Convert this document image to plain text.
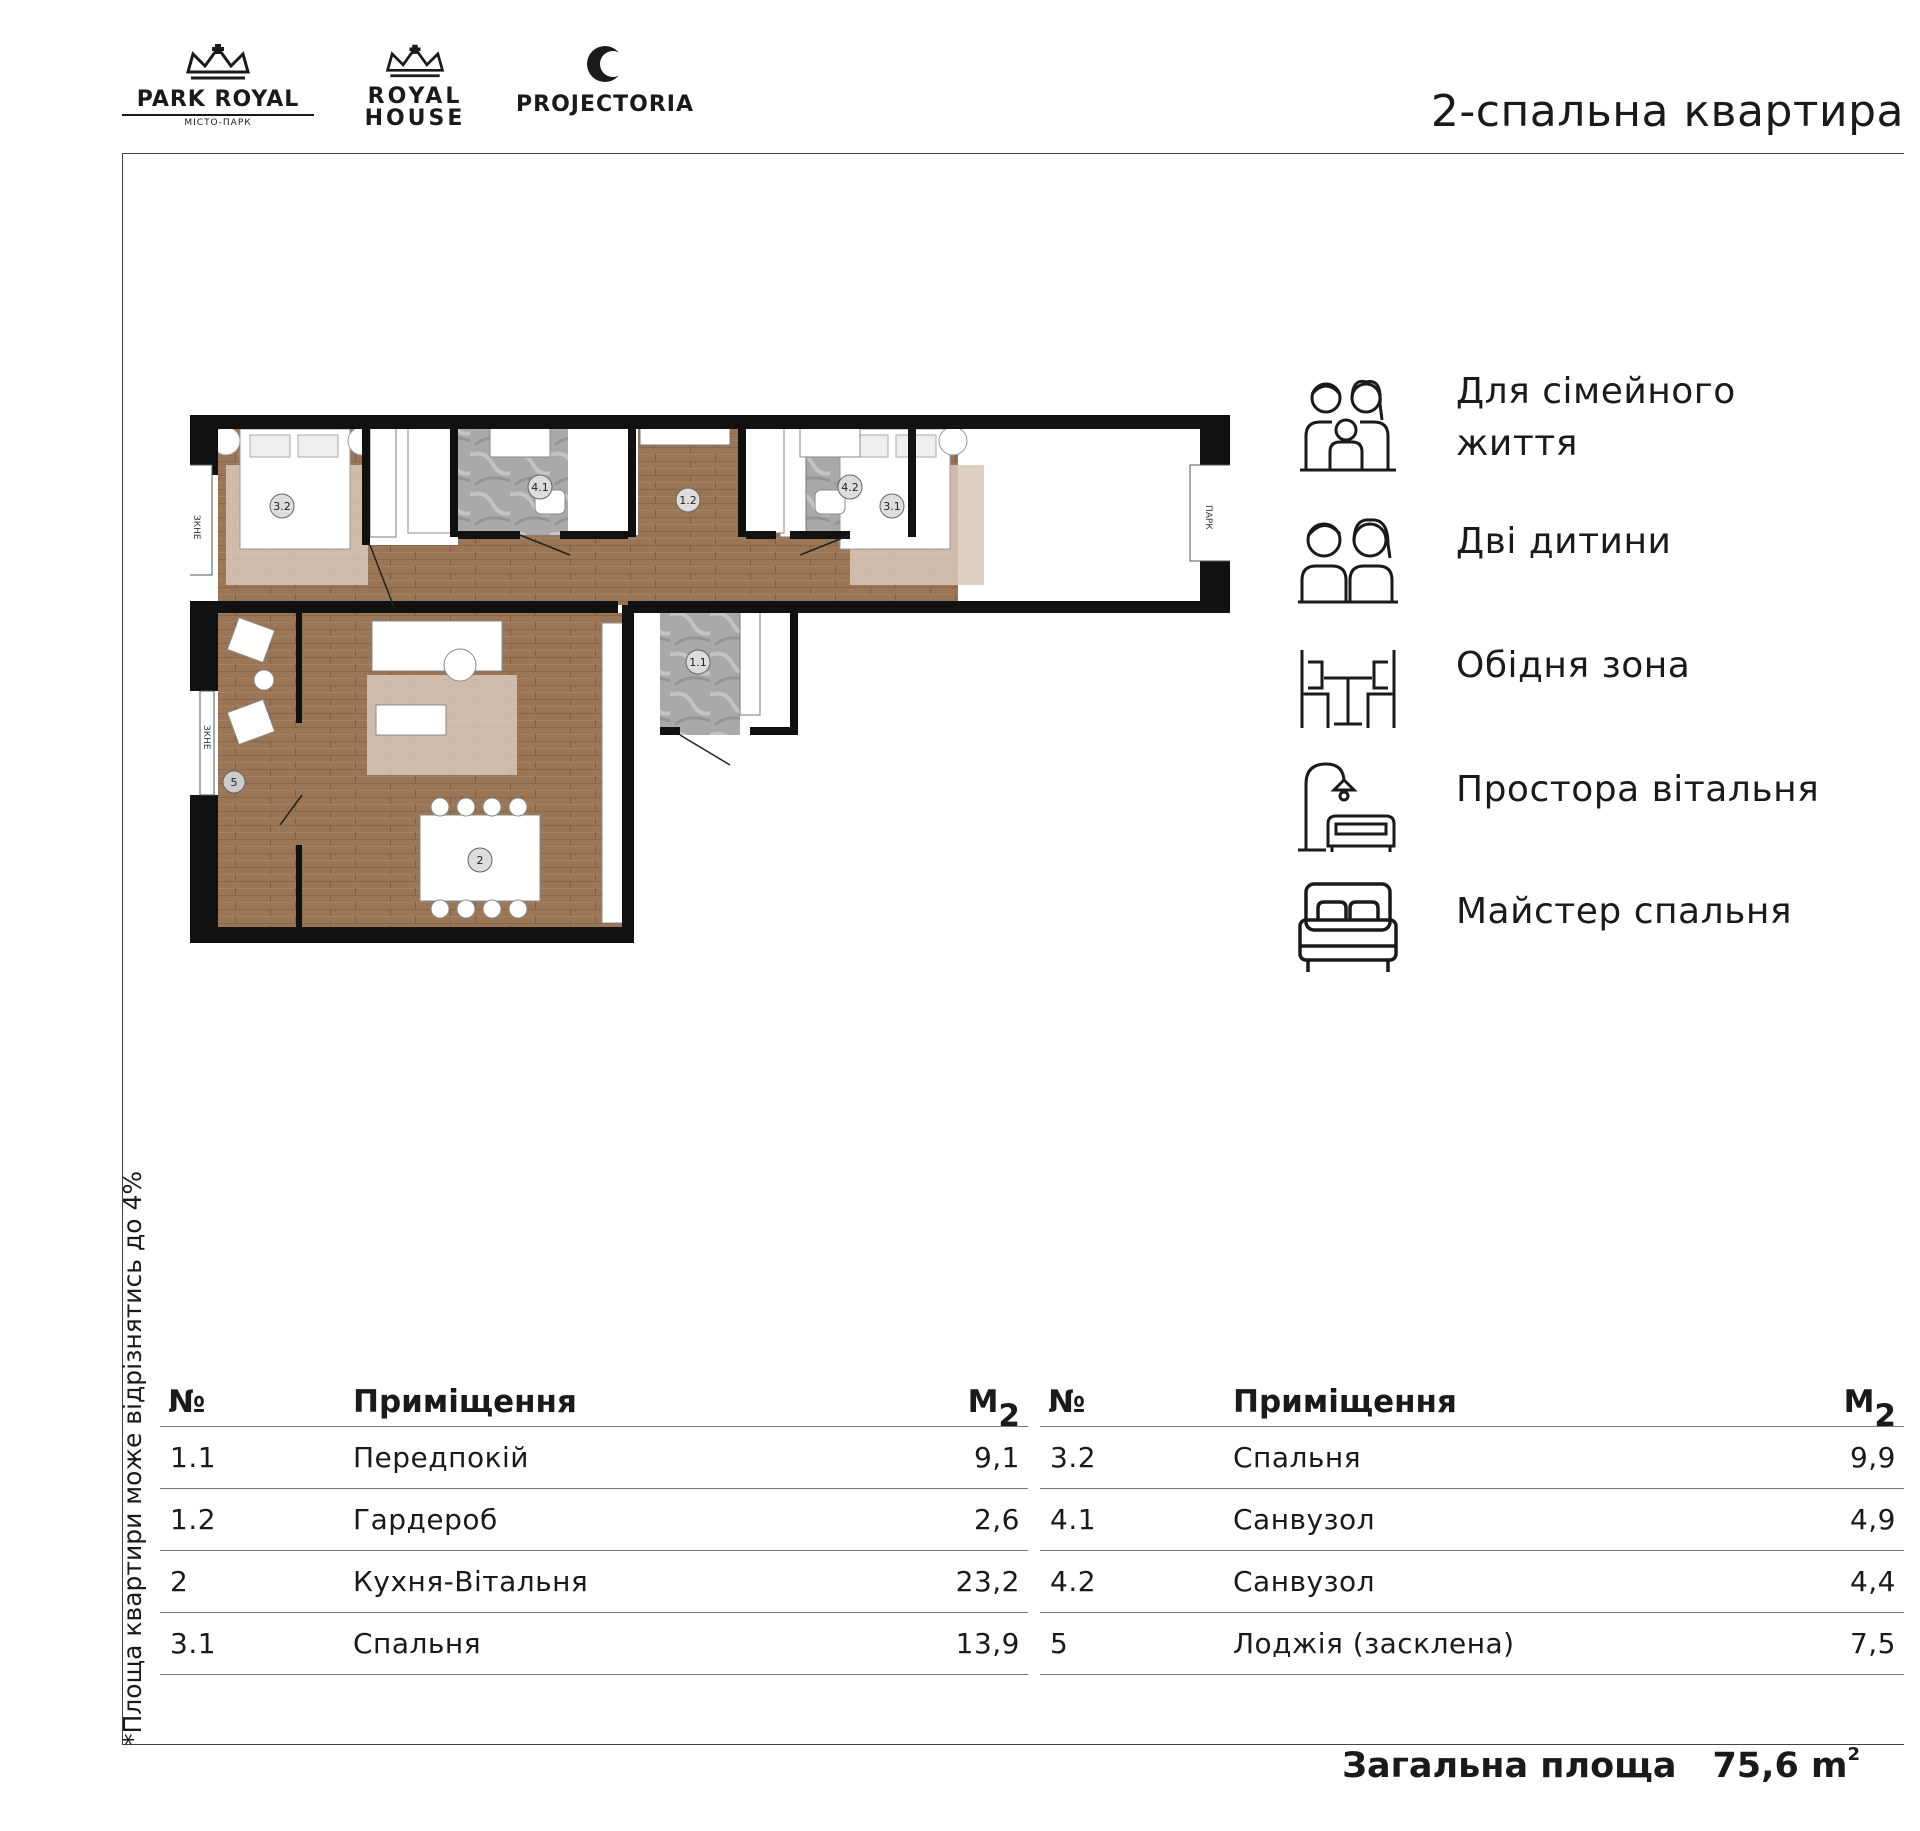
PARK ROYAL
МІСТО-ПАРК
ROYAL
HOUSE
PROJECTORIA	2-спальна квартира
*Площа квартири може відрізнятись до 4%
3.2	3.1
4.1	4.2
1.2
1.1
5
2
ЗКНЕ
ЗКНЕ
ПАРК
Для сімейного життя
Дві дитини
Обідня зона
Простора вітальня
Майстер спальня
№	Приміщення	М2
1.1	Передпокій	9,1
1.2	Гардероб	2,6
2	Кухня-Вітальня	23,2
3.1	Спальня	13,9
№	Приміщення	М2
3.2	Спальня	9,9
4.1	Санвузол	4,9
4.2	Санвузол	4,4
5	Лоджія (засклена)	7,5
Загальна площа 75,6 $m^2$
